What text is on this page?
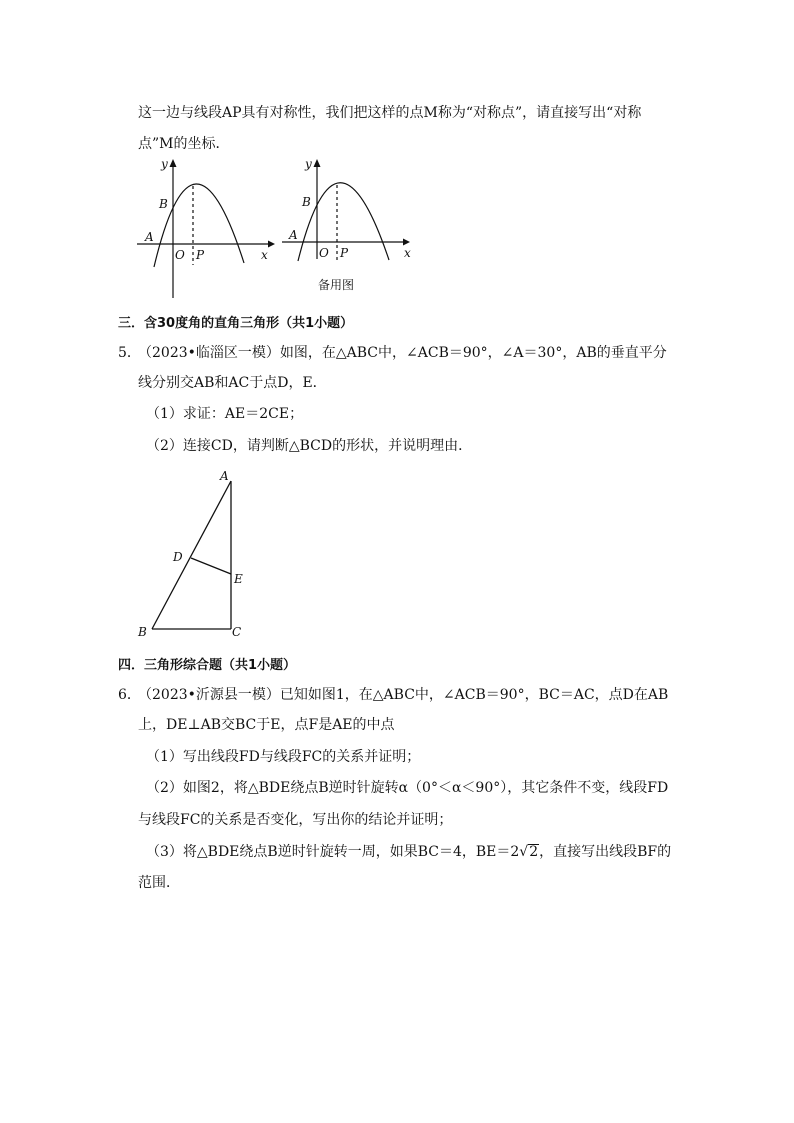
这一边与线段AP具有对称性，我们把这样的点M称为“对称点”，请直接写出“对称
点”M的坐标．
y
B
A
O P	x
y
B
A
O P	x
备用图
三．含30度角的直角三角形（共1小题）
5．
（2023•临淄区一模）如图，在△ABC中，∠ACB＝90°，∠A＝30°，AB的垂直平分
线分别交AB和AC于点D，E．
（1）求证：AE＝2CE；
（2）连接CD，请判断△BCD的形状，并说明理由．
A
D
E
B	C
四．三角形综合题（共1小题）
6．
（2023•沂源县一模）已知如图1，在△ABC中，∠ACB＝90°，BC＝AC，点D在AB
上，DE⊥AB交BC于E，点F是AE的中点
（1）写出线段FD与线段FC的关系并证明；
（2）如图2，将△BDE绕点B逆时针旋转α（0°＜α＜90°），其它条件不变，线段FD
与线段FC的关系是否变化，写出你的结论并证明；
（3）将△BDE绕点B逆时针旋转一周，如果BC＝4，BE＝2√2，直接写出线段BF的
范围．
